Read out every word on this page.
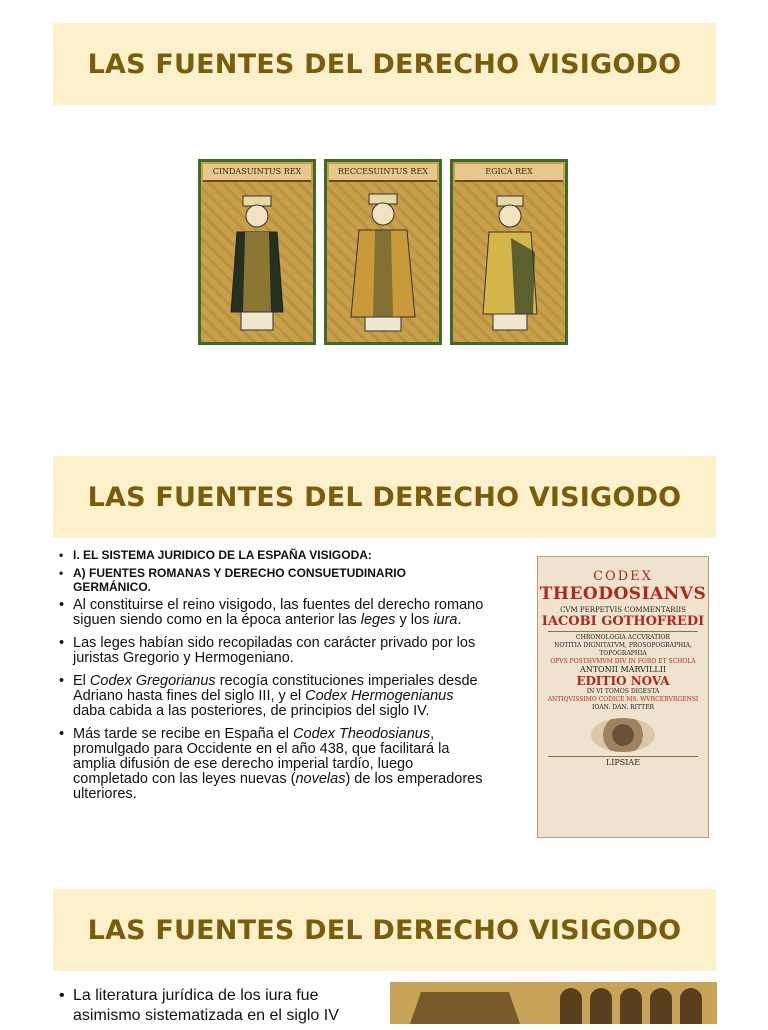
LAS FUENTES DEL DERECHO VISIGODO
CINDASUINTUS REX	RECCESUINTUS REX	EGICA REX
LAS FUENTES DEL DERECHO VISIGODO
• I. EL SISTEMA JURIDICO DE LA ESPAÑA VISIGODA:
• A) FUENTES ROMANAS Y DERECHO CONSUETUDINARIO GERMÁNICO.
• Al constituirse el reino visigodo, las fuentes del derecho romano siguen siendo como en la época anterior las leges y los iura.
• Las leges habían sido recopiladas con carácter privado por los juristas Gregorio y Hermogeniano.
• El Codex Gregorianus recogía constituciones imperiales desde Adriano hasta fines del siglo III, y el Codex Hermogenianus daba cabida a las posteriores, de principios del siglo IV.
• Más tarde se recibe en España el Codex Theodosianus, promulgado para Occidente en el año 438, que facilitará la amplia difusión de ese derecho imperial tardío, luego completado con las leyes nuevas (novelas) de los emperadores ulteriores.
CODEX
THEODOSIANVS
CVM PERPETVIS COMMENTARIIS
IACOBI GOTHOFREDI
CHRONOLOGIA ACCVRATIOR
NOTITIA DIGNITATVM, PROSOPOGRAPHIA, TOPOGRAPHIA
OPVS POSTHVMVM DIV IN FORO ET SCHOLA
ANTONII MARVILLII
EDITIO NOVA
IN VI TOMOS DIGESTA
ANTIQVISSIMO CODICE MS. WVRCEBVRGENSI
IOAN. DAN. RITTER
LIPSIAE
LAS FUENTES DEL DERECHO VISIGODO
• La literatura jurídica de los iura fue asimismo sistematizada en el siglo IV
